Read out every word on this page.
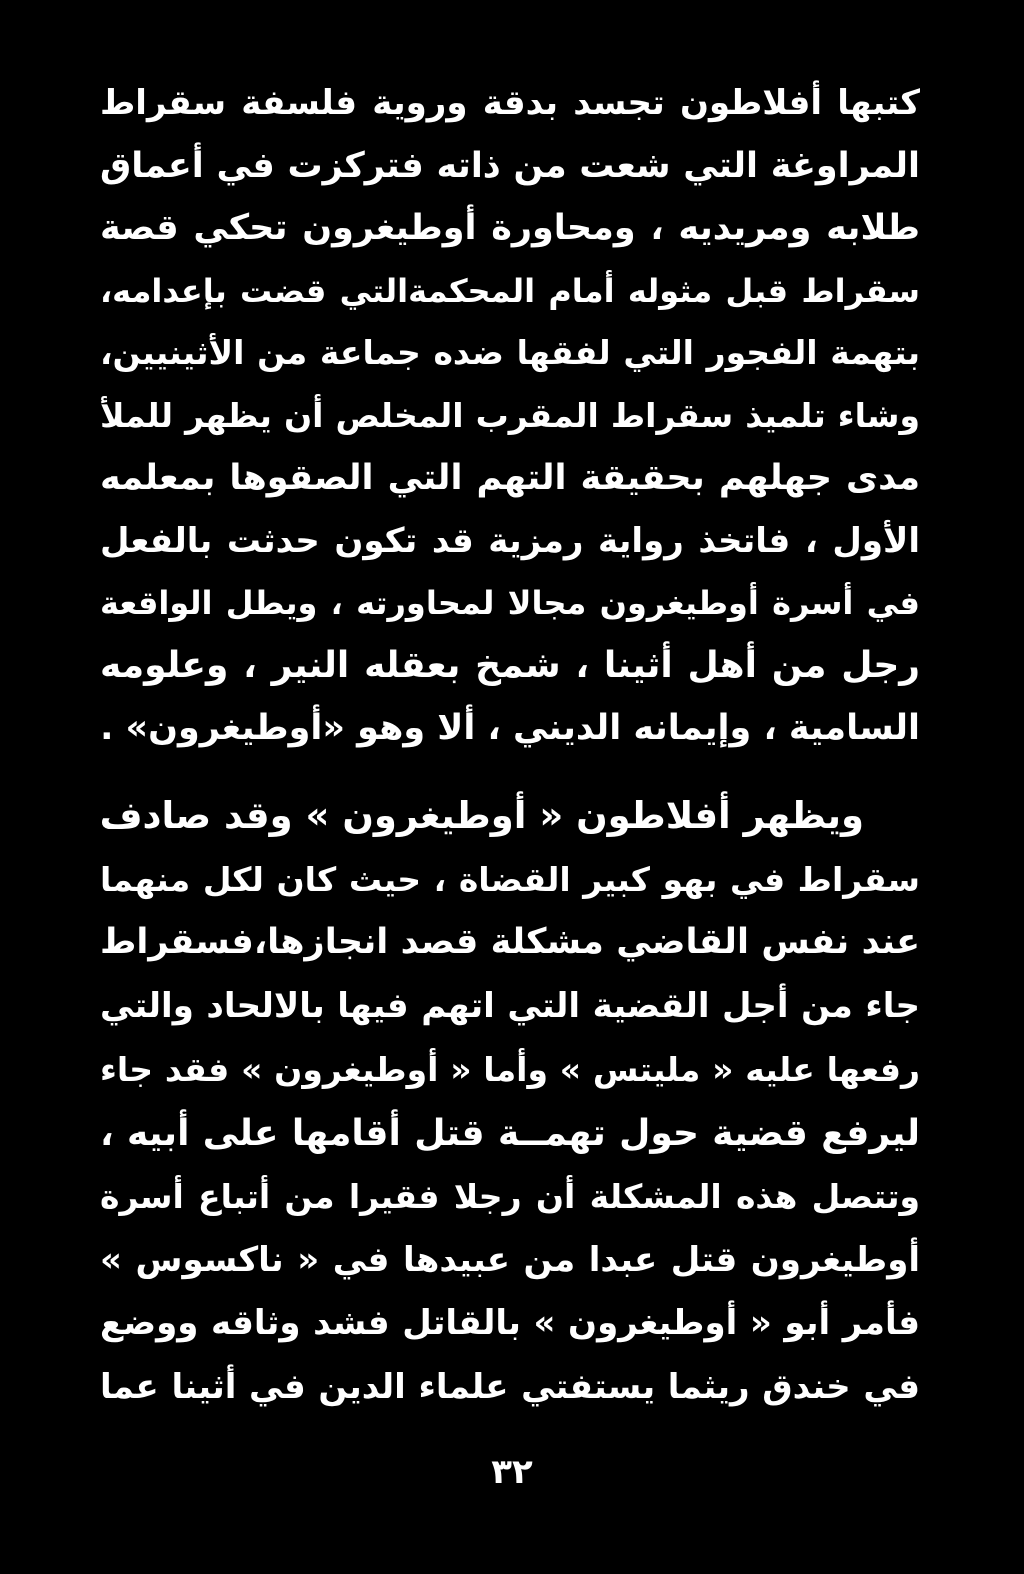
كتبها أفلاطون تجسد بدقة وروية فلسفة سقراط
المراوغة التي شعت من ذاته فتركزت في أعماق
طلابه ومريديه ، ومحاورة أوطيغرون تحكي قصة
سقراط قبل مثوله أمام المحكمةالتي قضت بإعدامه،
بتهمة الفجور التي لفقها ضده جماعة من الأثينيين،
وشاء تلميذ سقراط المقرب المخلص أن يظهر للملأ
مدى جهلهم بحقيقة التهم التي الصقوها بمعلمه
الأول ، فاتخذ رواية رمزية قد تكون حدثت بالفعل
في أسرة أوطيغرون مجالا لمحاورته ، ويطل الواقعة
رجل من أهل أثينا ، شمخ بعقله النير ، وعلومه
السامية ، وإيمانه الديني ، ألا وهو «أوطيغرون» .
ويظهر أفلاطون « أوطيغرون » وقد صادف
سقراط في بهو كبير القضاة ، حيث كان لكل منهما
عند نفس القاضي مشكلة قصد انجازها،فسقراط
جاء من أجل القضية التي اتهم فيها بالالحاد والتي
رفعها عليه « مليتس » وأما « أوطيغرون » فقد جاء
ليرفع قضية حول تهمــة قتل أقامها على أبيه ،
وتتصل هذه المشكلة أن رجلا فقيرا من أتباع أسرة
أوطيغرون قتل عبدا من عبيدها في « ناكسوس »
فأمر أبو « أوطيغرون » بالقاتل فشد وثاقه ووضع
في خندق ريثما يستفتي علماء الدين في أثينا عما
٣٢
